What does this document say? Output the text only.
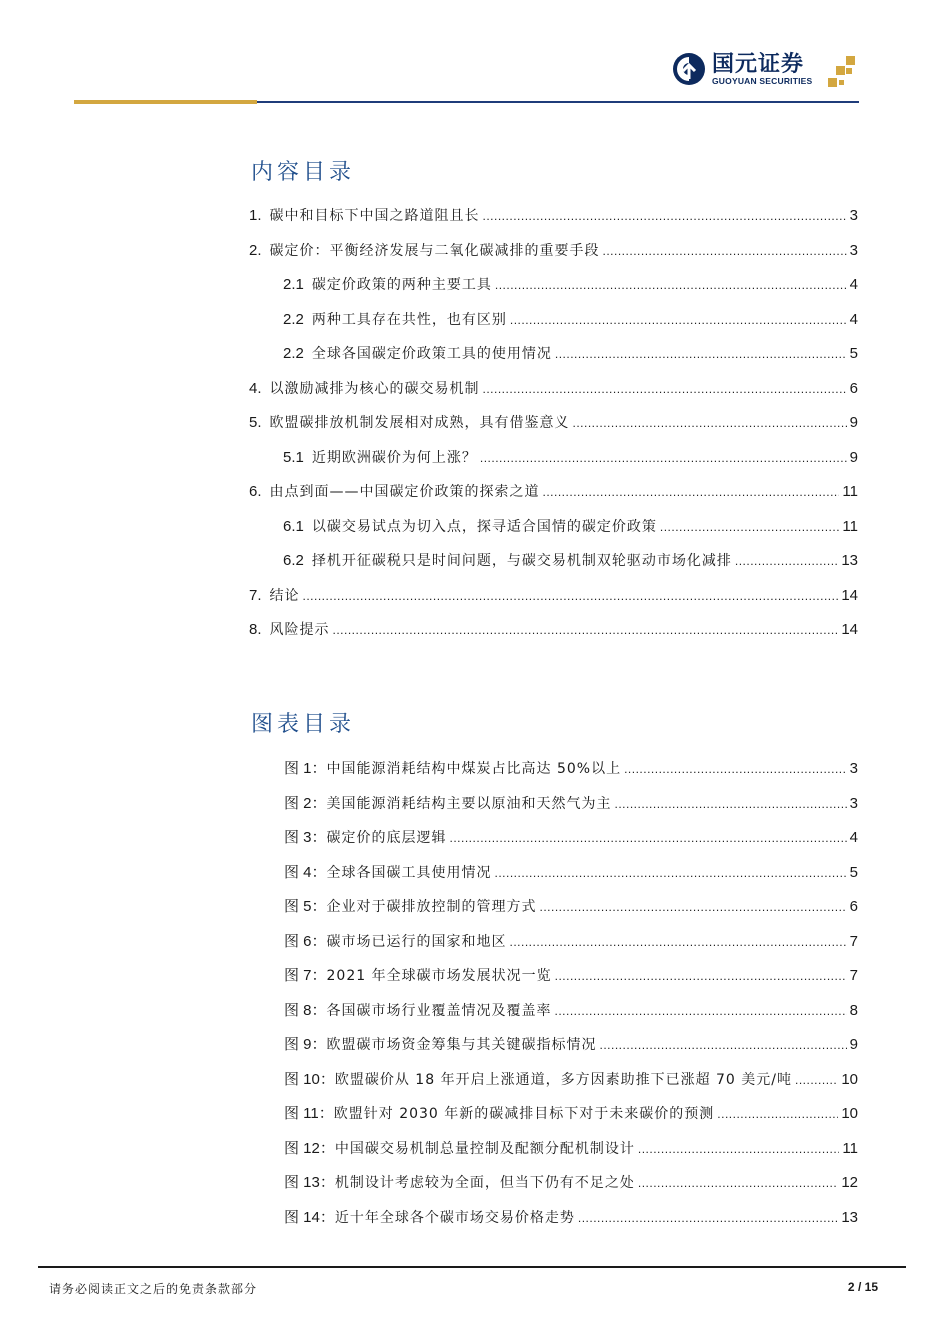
国元证券
GUOYUAN SECURITIES
内容目录
1. 碳中和目标下中国之路道阻且长 .....	3
2. 碳定价：平衡经济发展与二氧化碳减排的重要手段 .....	3
2.1 碳定价政策的两种主要工具 .....	4
2.2 两种工具存在共性，也有区别 .....	4
2.2 全球各国碳定价政策工具的使用情况 .....	5
4. 以激励减排为核心的碳交易机制 .....	6
5. 欧盟碳排放机制发展相对成熟，具有借鉴意义 .....	9
5.1 近期欧洲碳价为何上涨？ .....	9
6. 由点到面——中国碳定价政策的探索之道 .....	11
6.1 以碳交易试点为切入点，探寻适合国情的碳定价政策 .....	11
6.2 择机开征碳税只是时间问题，与碳交易机制双轮驱动市场化减排 .....	13
7. 结论 .....	14
8. 风险提示 .....	14
图表目录
图 1： 中国能源消耗结构中煤炭占比高达 50%以上 .....	3
图 2： 美国能源消耗结构主要以原油和天然气为主 .....	3
图 3： 碳定价的底层逻辑 .....	4
图 4： 全球各国碳工具使用情况 .....	5
图 5： 企业对于碳排放控制的管理方式 .....	6
图 6： 碳市场已运行的国家和地区 .....	7
图 7： 2021 年全球碳市场发展状况一览 .....	7
图 8： 各国碳市场行业覆盖情况及覆盖率 .....	8
图 9： 欧盟碳市场资金筹集与其关键碳指标情况 .....	9
图 10： 欧盟碳价从 18 年开启上涨通道，多方因素助推下已涨超 70 美元/吨 .....	10
图 11： 欧盟针对 2030 年新的碳减排目标下对于未来碳价的预测 .....	10
图 12： 中国碳交易机制总量控制及配额分配机制设计 .....	11
图 13： 机制设计考虑较为全面，但当下仍有不足之处 .....	12
图 14： 近十年全球各个碳市场交易价格走势 .....	13
请务必阅读正文之后的免责条款部分	2 / 15
